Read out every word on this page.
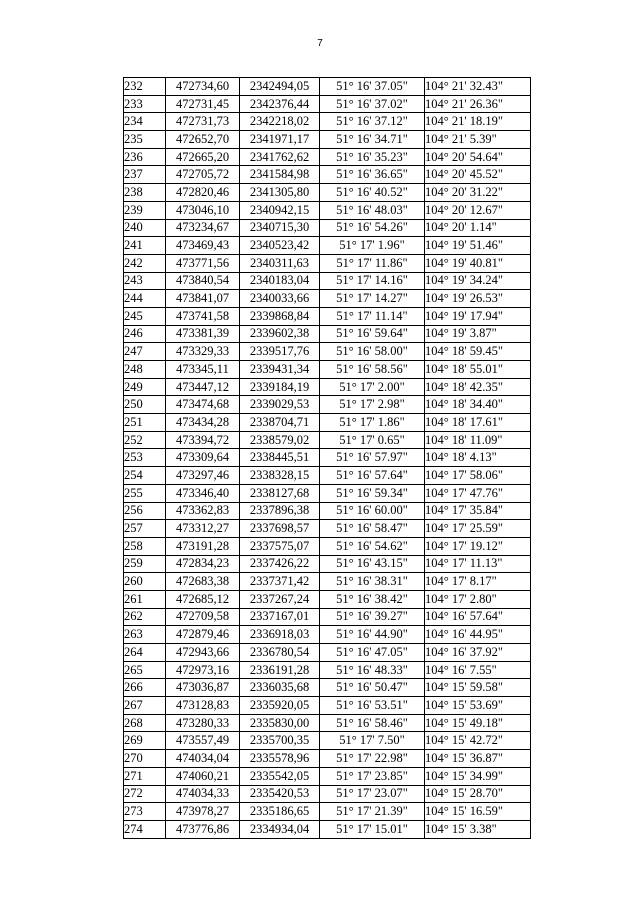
7
232	472734,60	2342494,05	51° 16' 37.05"	104° 21' 32.43"
233	472731,45	2342376,44	51° 16' 37.02"	104° 21' 26.36"
234	472731,73	2342218,02	51° 16' 37.12"	104° 21' 18.19"
235	472652,70	2341971,17	51° 16' 34.71"	104° 21' 5.39"
236	472665,20	2341762,62	51° 16' 35.23"	104° 20' 54.64"
237	472705,72	2341584,98	51° 16' 36.65"	104° 20' 45.52"
238	472820,46	2341305,80	51° 16' 40.52"	104° 20' 31.22"
239	473046,10	2340942,15	51° 16' 48.03"	104° 20' 12.67"
240	473234,67	2340715,30	51° 16' 54.26"	104° 20' 1.14"
241	473469,43	2340523,42	51° 17' 1.96"	104° 19' 51.46"
242	473771,56	2340311,63	51° 17' 11.86"	104° 19' 40.81"
243	473840,54	2340183,04	51° 17' 14.16"	104° 19' 34.24"
244	473841,07	2340033,66	51° 17' 14.27"	104° 19' 26.53"
245	473741,58	2339868,84	51° 17' 11.14"	104° 19' 17.94"
246	473381,39	2339602,38	51° 16' 59.64"	104° 19' 3.87"
247	473329,33	2339517,76	51° 16' 58.00"	104° 18' 59.45"
248	473345,11	2339431,34	51° 16' 58.56"	104° 18' 55.01"
249	473447,12	2339184,19	51° 17' 2.00"	104° 18' 42.35"
250	473474,68	2339029,53	51° 17' 2.98"	104° 18' 34.40"
251	473434,28	2338704,71	51° 17' 1.86"	104° 18' 17.61"
252	473394,72	2338579,02	51° 17' 0.65"	104° 18' 11.09"
253	473309,64	2338445,51	51° 16' 57.97"	104° 18' 4.13"
254	473297,46	2338328,15	51° 16' 57.64"	104° 17' 58.06"
255	473346,40	2338127,68	51° 16' 59.34"	104° 17' 47.76"
256	473362,83	2337896,38	51° 16' 60.00"	104° 17' 35.84"
257	473312,27	2337698,57	51° 16' 58.47"	104° 17' 25.59"
258	473191,28	2337575,07	51° 16' 54.62"	104° 17' 19.12"
259	472834,23	2337426,22	51° 16' 43.15"	104° 17' 11.13"
260	472683,38	2337371,42	51° 16' 38.31"	104° 17' 8.17"
261	472685,12	2337267,24	51° 16' 38.42"	104° 17' 2.80"
262	472709,58	2337167,01	51° 16' 39.27"	104° 16' 57.64"
263	472879,46	2336918,03	51° 16' 44.90"	104° 16' 44.95"
264	472943,66	2336780,54	51° 16' 47.05"	104° 16' 37.92"
265	472973,16	2336191,28	51° 16' 48.33"	104° 16' 7.55"
266	473036,87	2336035,68	51° 16' 50.47"	104° 15' 59.58"
267	473128,83	2335920,05	51° 16' 53.51"	104° 15' 53.69"
268	473280,33	2335830,00	51° 16' 58.46"	104° 15' 49.18"
269	473557,49	2335700,35	51° 17' 7.50"	104° 15' 42.72"
270	474034,04	2335578,96	51° 17' 22.98"	104° 15' 36.87"
271	474060,21	2335542,05	51° 17' 23.85"	104° 15' 34.99"
272	474034,33	2335420,53	51° 17' 23.07"	104° 15' 28.70"
273	473978,27	2335186,65	51° 17' 21.39"	104° 15' 16.59"
274	473776,86	2334934,04	51° 17' 15.01"	104° 15' 3.38"
